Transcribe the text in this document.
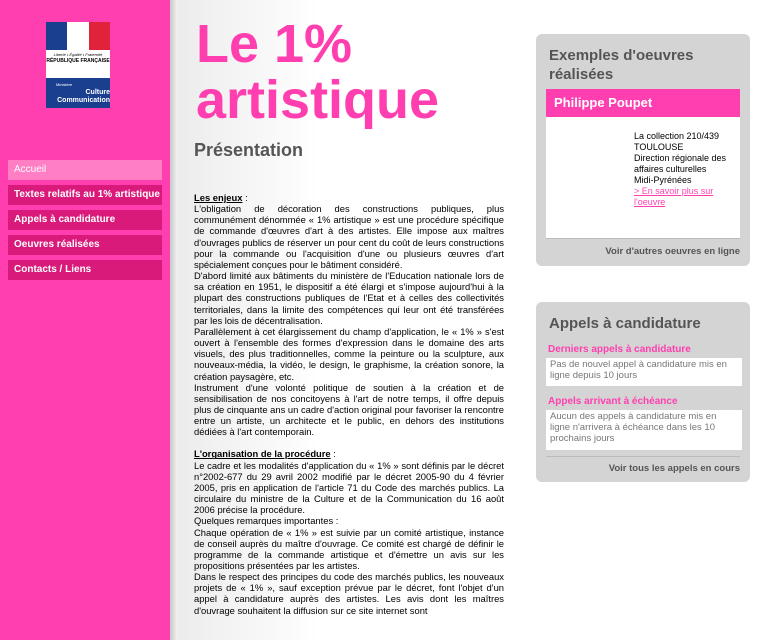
Liberté • Égalité • Fraternité
RÉPUBLIQUE FRANÇAISE
Ministère
Culture
Communication
Accueil
Textes relatifs au 1% artistique
Appels à candidature
Oeuvres réalisées
Contacts / Liens
Le 1% artistique
Présentation

Les enjeux :

L'obligation de décoration des constructions publiques, plus communément dénommée « 1% artistique » est une procédure spécifique de commande d'œuvres d'art à des artistes. Elle impose aux maîtres d'ouvrages publics de réserver un pour cent du coût de leurs constructions pour la commande ou l'acquisition d'une ou plusieurs œuvres d'art spécialement conçues pour le bâtiment considéré.

D'abord limité aux bâtiments du ministère de l'Education nationale lors de sa création en 1951, le dispositif a été élargi et s'impose aujourd'hui à la plupart des constructions publiques de l'Etat et à celles des collectivités territoriales, dans la limite des compétences qui leur ont été transférées par les lois de décentralisation.

Parallèlement à cet élargissement du champ d'application, le « 1% » s'est ouvert à l'ensemble des formes d'expression dans le domaine des arts visuels, des plus traditionnelles, comme la peinture ou la sculpture, aux nouveaux-média, la vidéo, le design, le graphisme, la création sonore, la création paysagère, etc.

Instrument d'une volonté politique de soutien à la création et de sensibilisation de nos concitoyens à l'art de notre temps, il offre depuis plus de cinquante ans un cadre d'action original pour favoriser la rencontre entre un artiste, un architecte et le public, en dehors des institutions dédiées à l'art contemporain.

L'organisation de la procédure :

Le cadre et les modalités d'application du « 1% » sont définis par le décret n°2002-677 du 29 avril 2002 modifié par le décret 2005-90 du 4 février 2005, pris en application de l'article 71 du Code des marchés publics. La circulaire du ministre de la Culture et de la Communication du 16 août 2006 précise la procédure.

Quelques remarques importantes :

Chaque opération de « 1% » est suivie par un comité artistique, instance de conseil auprès du maître d'ouvrage. Ce comité est chargé de définir le programme de la commande artistique et d'émettre un avis sur les propositions présentées par les artistes.

Dans le respect des principes du code des marchés publics, les nouveaux projets de « 1% », sauf exception prévue par le décret, font l'objet d'un appel à candidature auprès des artistes. Les avis dont les maîtres d'ouvrage souhaitent la diffusion sur ce site internet sont

Exemples d'oeuvres réalisées
Philippe Poupet
La collection 210/439
TOULOUSE
Direction régionale des affaires culturelles
Midi-Pyrénées
> En savoir plus sur l'oeuvre
Voir d'autres oeuvres en ligne
Appels à candidature
Derniers appels à candidature
Pas de nouvel appel à candidature mis en ligne depuis 10 jours
Appels arrivant à échéance
Aucun des appels à candidature mis en ligne n'arrivera à échéance dans les 10 prochains jours
Voir tous les appels en cours
